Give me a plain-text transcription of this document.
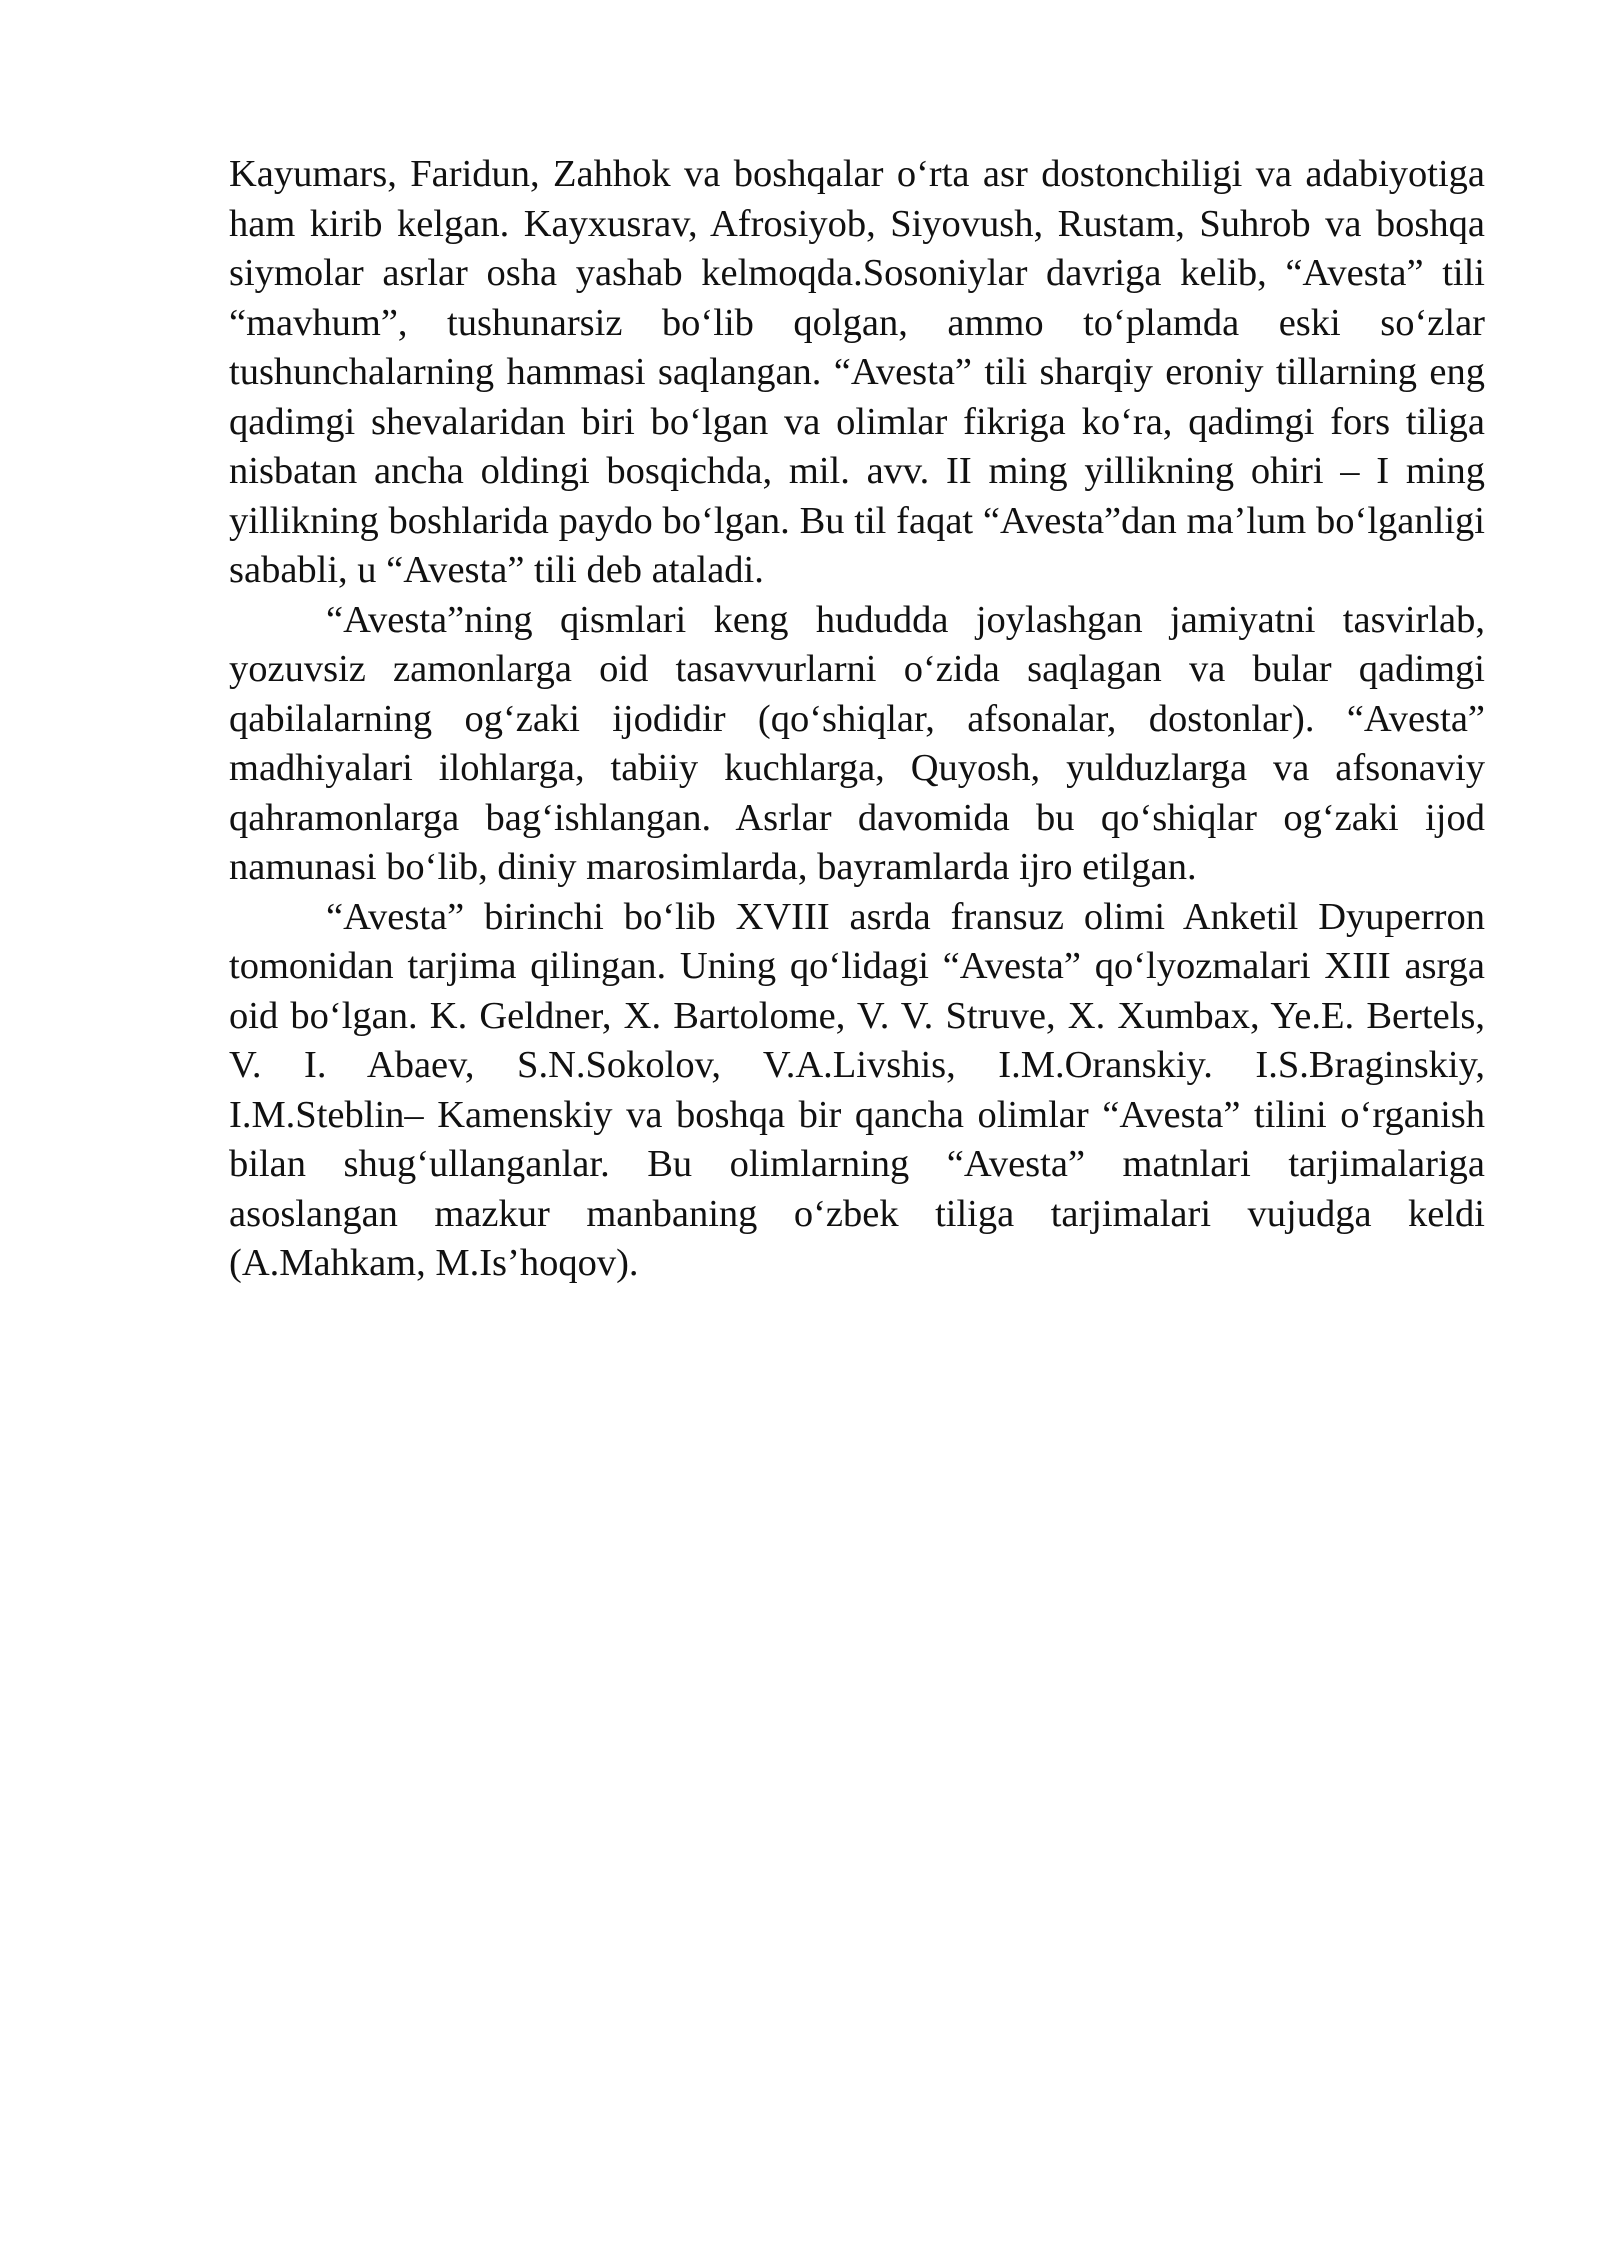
Kayumars, Faridun, Zahhok va boshqalar o‘rta asr dostonchiligi va adabiyotiga ham kirib kelgan. Kayxusrav, Afrosiyob, Siyovush, Rustam, Suhrob va boshqa siymolar asrlar osha yashab kelmoqda.Sosoniylar davriga kelib, “Avesta” tili “mavhum”, tushunarsiz bo‘lib qolgan, ammo to‘plamda eski so‘zlar tushunchalarning hammasi saqlangan. “Avesta” tili sharqiy eroniy tillarning eng qadimgi shevalaridan biri bo‘lgan va olimlar fikriga ko‘ra, qadimgi fors tiliga nisbatan ancha oldingi bosqichda, mil. avv. II ming yillikning ohiri – I ming yillikning boshlarida paydo bo‘lgan. Bu til faqat “Avesta”dan ma’lum bo‘lganligi sababli, u “Avesta” tili deb ataladi.

“Avesta”ning qismlari keng hududda joylashgan jamiyatni tasvirlab, yozuvsiz zamonlarga oid tasavvurlarni o‘zida saqlagan va bular qadimgi qabilalarning og‘zaki ijodidir (qo‘shiqlar, afsonalar, dostonlar). “Avesta” madhiyalari ilohlarga, tabiiy kuchlarga, Quyosh, yulduzlarga va afsonaviy qahramonlarga bag‘ishlangan. Asrlar davomida bu qo‘shiqlar og‘zaki ijod namunasi bo‘lib, diniy marosimlarda, bayramlarda ijro etilgan.

“Avesta” birinchi bo‘lib XVIII asrda fransuz olimi Anketil Dyuperron tomonidan tarjima qilingan. Uning qo‘lidagi “Avesta” qo‘lyozmalari XIII asrga oid bo‘lgan. K. Geldner, X. Bartolome, V. V. Struve, X. Xumbax, Ye.E. Bertels, V. I. Abaev, S.N.Sokolov, V.A.Livshis, I.M.Oranskiy. I.S.Braginskiy, I.M.Steblin– Kamenskiy va boshqa bir qancha olimlar “Avesta” tilini o‘rganish bilan shug‘ullanganlar. Bu olimlarning “Avesta” matnlari tarjimalariga asoslangan mazkur manbaning o‘zbek tiliga tarjimalari vujudga keldi (A.Mahkam, M.Is’hoqov).
